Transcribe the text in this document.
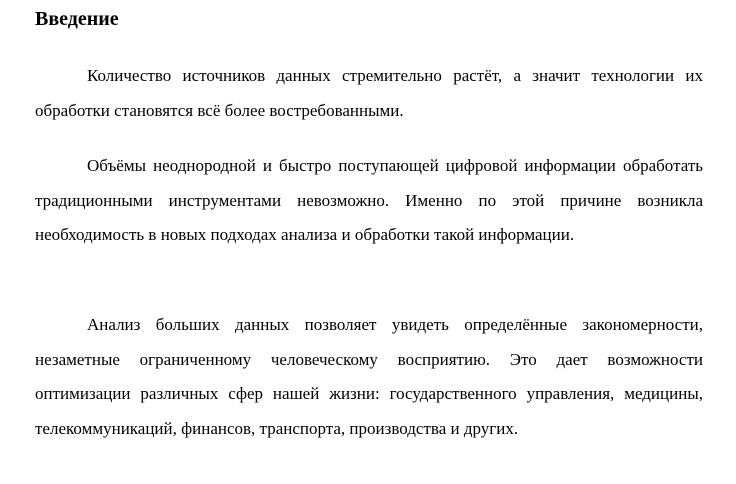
Введение

Количество источников данных стремительно растёт, а значит технологии их обработки становятся всё более востребованными.

Объёмы неоднородной и быстро поступающей цифровой информации обработать традиционными инструментами невозможно. Именно по этой причине возникла необходимость в новых подходах анализа и обработки такой информации.

Анализ больших данных позволяет увидеть определённые закономерности, незаметные ограниченному человеческому восприятию. Это дает возможности оптимизации различных сфер нашей жизни: государственного управления, медицины, телекоммуникаций, финансов, транспорта, производства и других.
